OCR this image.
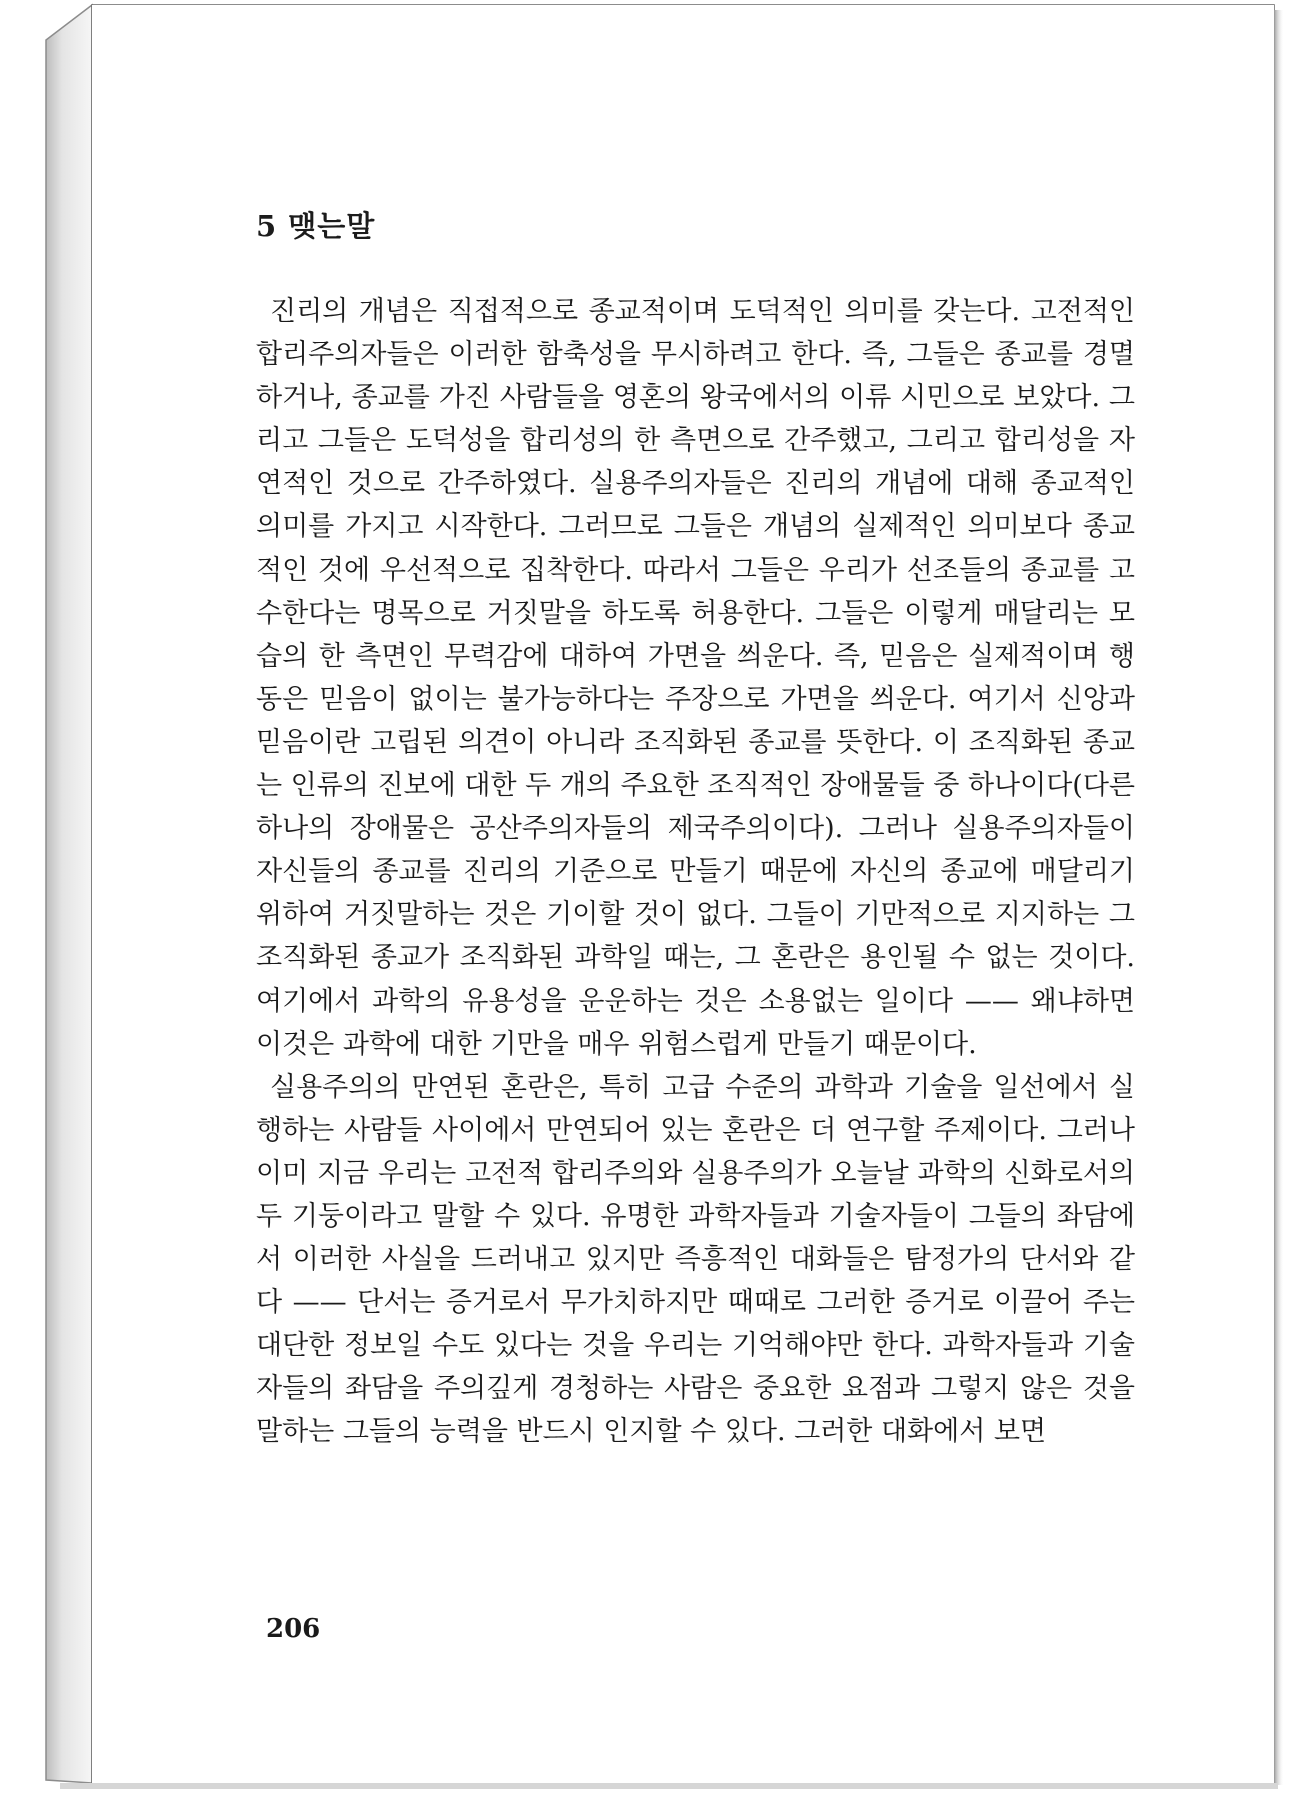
5 맺는말

진리의 개념은 직접적으로 종교적이며 도덕적인 의미를 갖는다. 고전적인 합리주의자들은 이러한 함축성을 무시하려고 한다. 즉, 그들은 종교를 경멸하거나, 종교를 가진 사람들을 영혼의 왕국에서의 이류 시민으로 보았다. 그리고 그들은 도덕성을 합리성의 한 측면으로 간주했고, 그리고 합리성을 자연적인 것으로 간주하였다. 실용주의자들은 진리의 개념에 대해 종교적인 의미를 가지고 시작한다. 그러므로 그들은 개념의 실제적인 의미보다 종교적인 것에 우선적으로 집착한다. 따라서 그들은 우리가 선조들의 종교를 고수한다는 명목으로 거짓말을 하도록 허용한다. 그들은 이렇게 매달리는 모습의 한 측면인 무력감에 대하여 가면을 씌운다. 즉, 믿음은 실제적이며 행동은 믿음이 없이는 불가능하다는 주장으로 가면을 씌운다. 여기서 신앙과 믿음이란 고립된 의견이 아니라 조직화된 종교를 뜻한다. 이 조직화된 종교는 인류의 진보에 대한 두 개의 주요한 조직적인 장애물들 중 하나이다(다른 하나의 장애물은 공산주의자들의 제국주의이다). 그러나 실용주의자들이 자신들의 종교를 진리의 기준으로 만들기 때문에 자신의 종교에 매달리기 위하여 거짓말하는 것은 기이할 것이 없다. 그들이 기만적으로 지지하는 그 조직화된 종교가 조직화된 과학일 때는, 그 혼란은 용인될 수 없는 것이다. 여기에서 과학의 유용성을 운운하는 것은 소용없는 일이다 —— 왜냐하면 이것은 과학에 대한 기만을 매우 위험스럽게 만들기 때문이다.

실용주의의 만연된 혼란은, 특히 고급 수준의 과학과 기술을 일선에서 실행하는 사람들 사이에서 만연되어 있는 혼란은 더 연구할 주제이다. 그러나 이미 지금 우리는 고전적 합리주의와 실용주의가 오늘날 과학의 신화로서의 두 기둥이라고 말할 수 있다. 유명한 과학자들과 기술자들이 그들의 좌담에서 이러한 사실을 드러내고 있지만 즉흥적인 대화들은 탐정가의 단서와 같다 —— 단서는 증거로서 무가치하지만 때때로 그러한 증거로 이끌어 주는 대단한 정보일 수도 있다는 것을 우리는 기억해야만 한다. 과학자들과 기술자들의 좌담을 주의깊게 경청하는 사람은 중요한 요점과 그렇지 않은 것을 말하는 그들의 능력을 반드시 인지할 수 있다. 그러한 대화에서 보면

206
